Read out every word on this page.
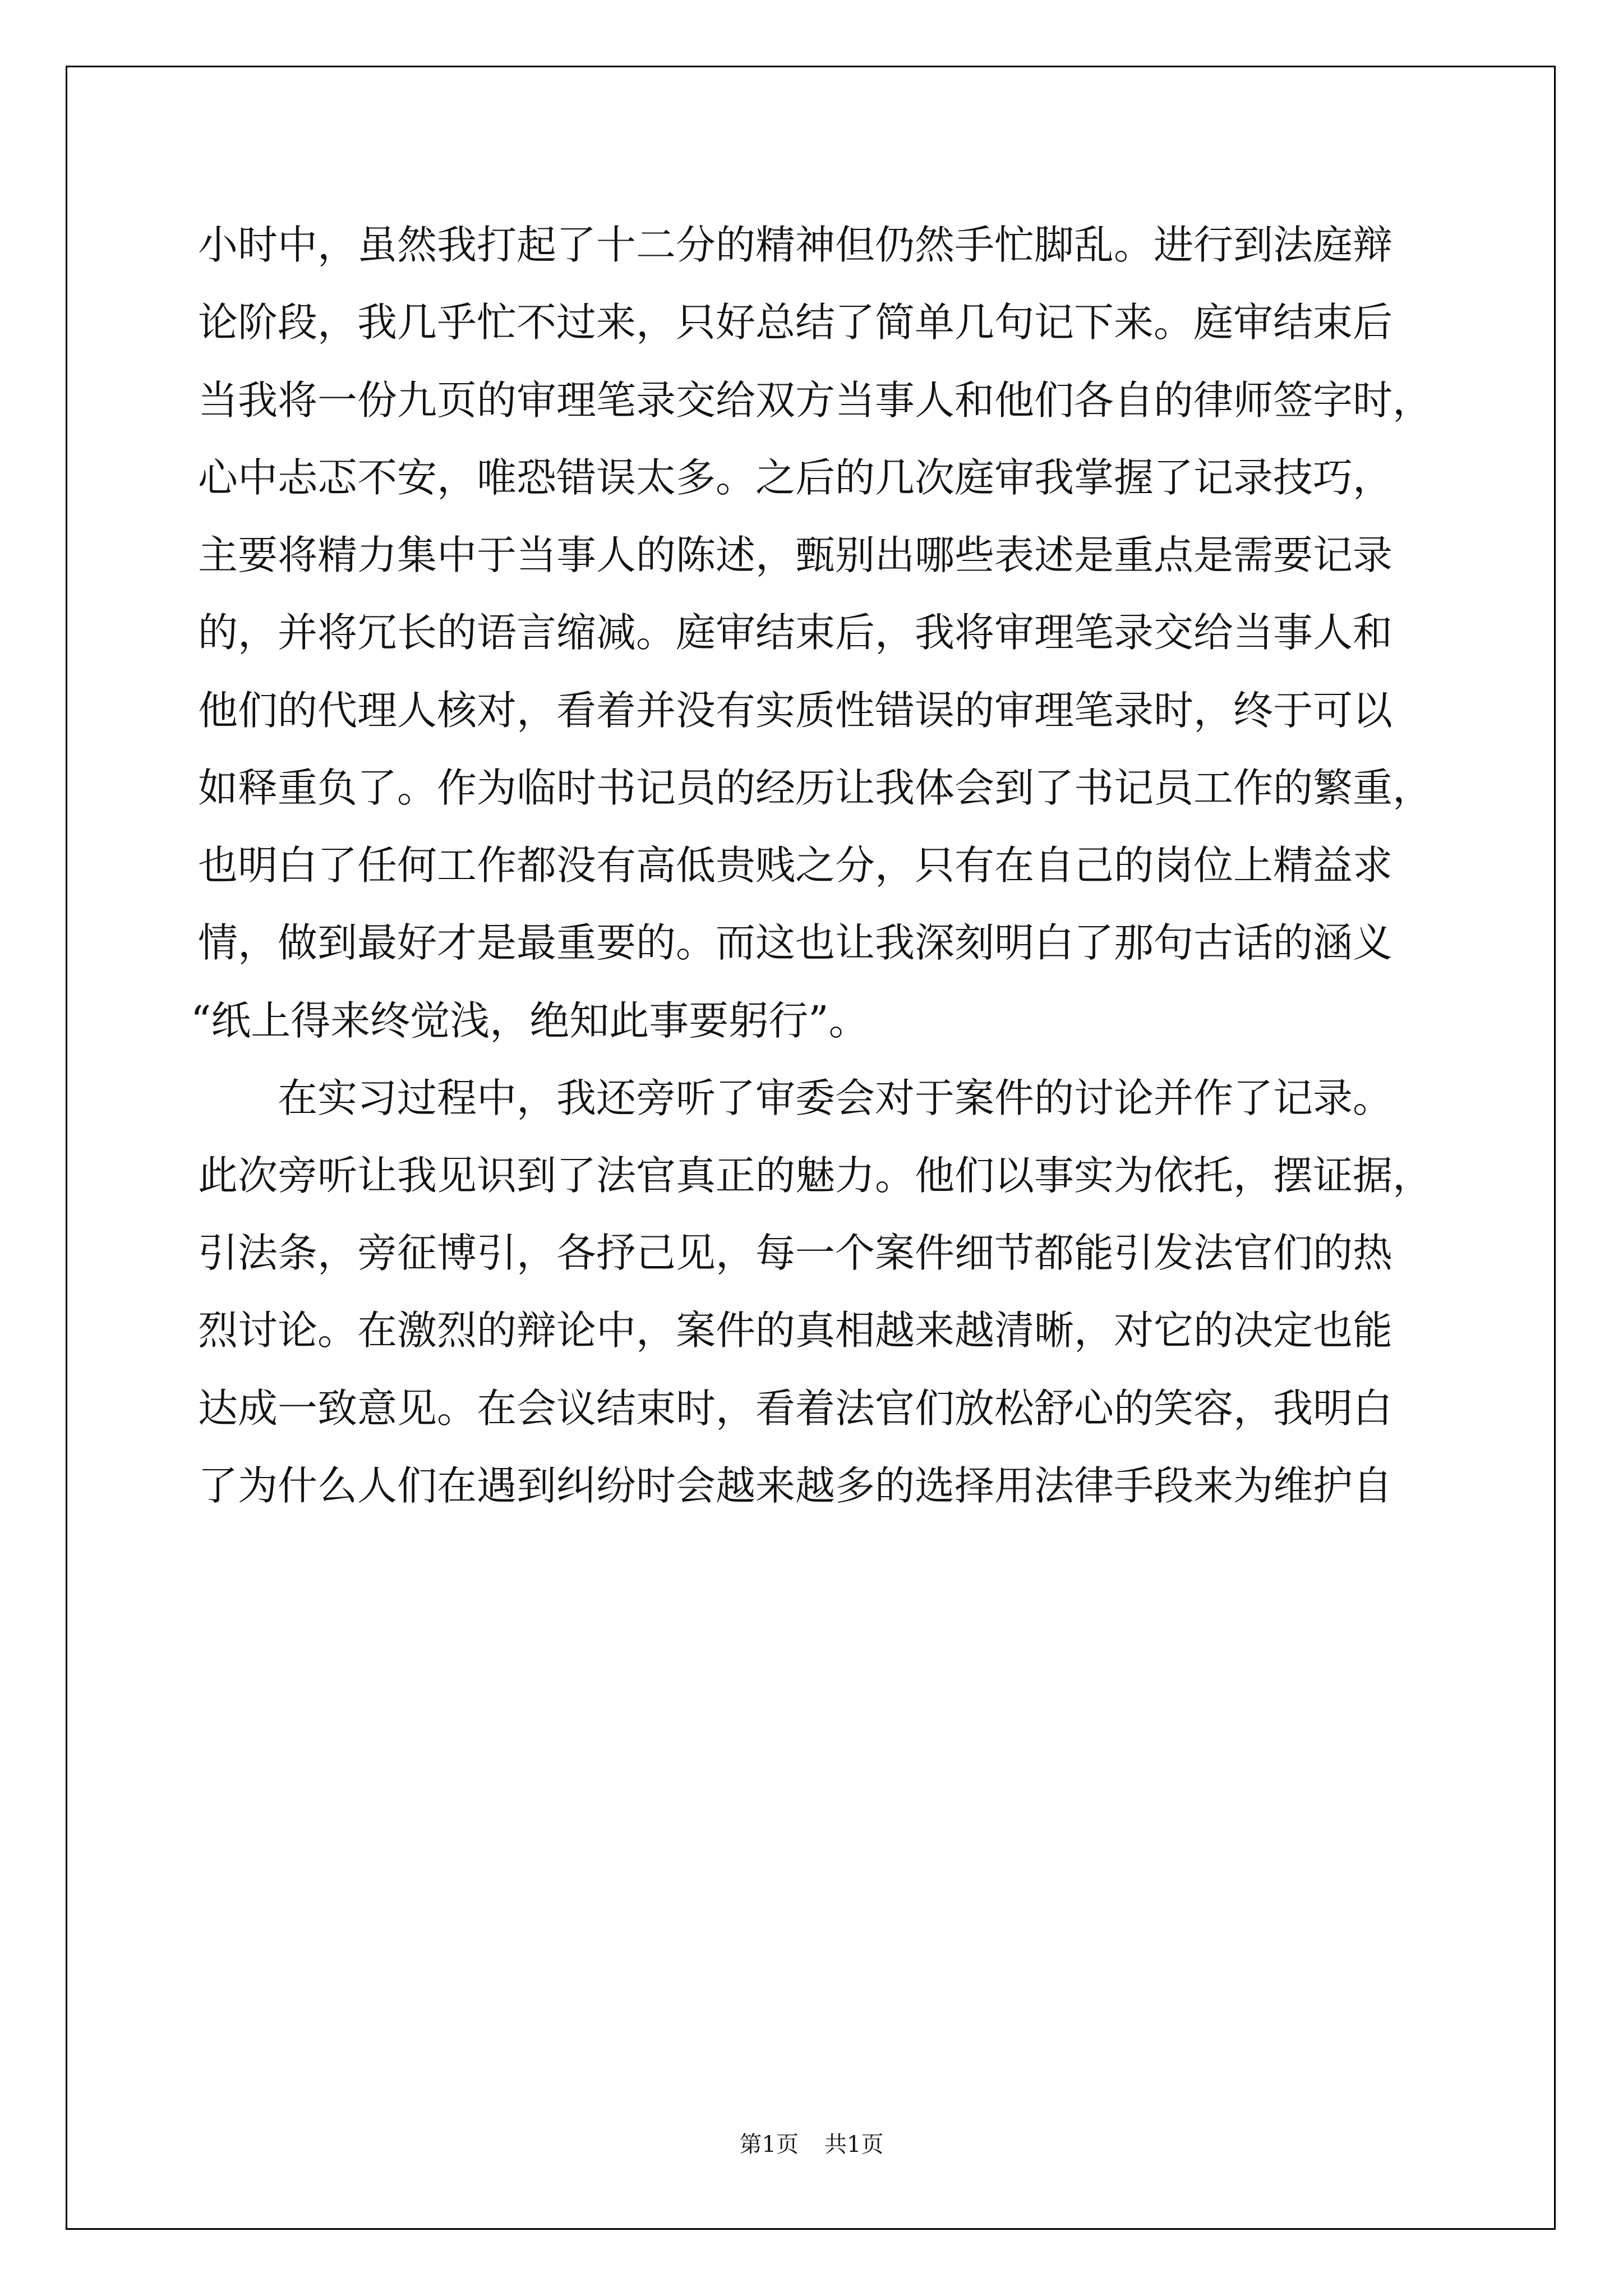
小时中，虽然我打起了十二分的精神但仍然手忙脚乱。进行到法庭辩
论阶段，我几乎忙不过来，只好总结了简单几句记下来。庭审结束后
当我将一份九页的审理笔录交给双方当事人和他们各自的律师签字时，
心中忐忑不安，唯恐错误太多。之后的几次庭审我掌握了记录技巧，
主要将精力集中于当事人的陈述，甄别出哪些表述是重点是需要记录
的，并将冗长的语言缩减。庭审结束后，我将审理笔录交给当事人和
他们的代理人核对，看着并没有实质性错误的审理笔录时，终于可以
如释重负了。作为临时书记员的经历让我体会到了书记员工作的繁重，
也明白了任何工作都没有高低贵贱之分，只有在自己的岗位上精益求
情，做到最好才是最重要的。而这也让我深刻明白了那句古话的涵义
“纸上得来终觉浅，绝知此事要躬行”。
在实习过程中，我还旁听了审委会对于案件的讨论并作了记录。
此次旁听让我见识到了法官真正的魅力。他们以事实为依托，摆证据，
引法条，旁征博引，各抒己见，每一个案件细节都能引发法官们的热
烈讨论。在激烈的辩论中，案件的真相越来越清晰，对它的决定也能
达成一致意见。在会议结束时，看着法官们放松舒心的笑容，我明白
了为什么人们在遇到纠纷时会越来越多的选择用法律手段来为维护自
第1页 共1页
